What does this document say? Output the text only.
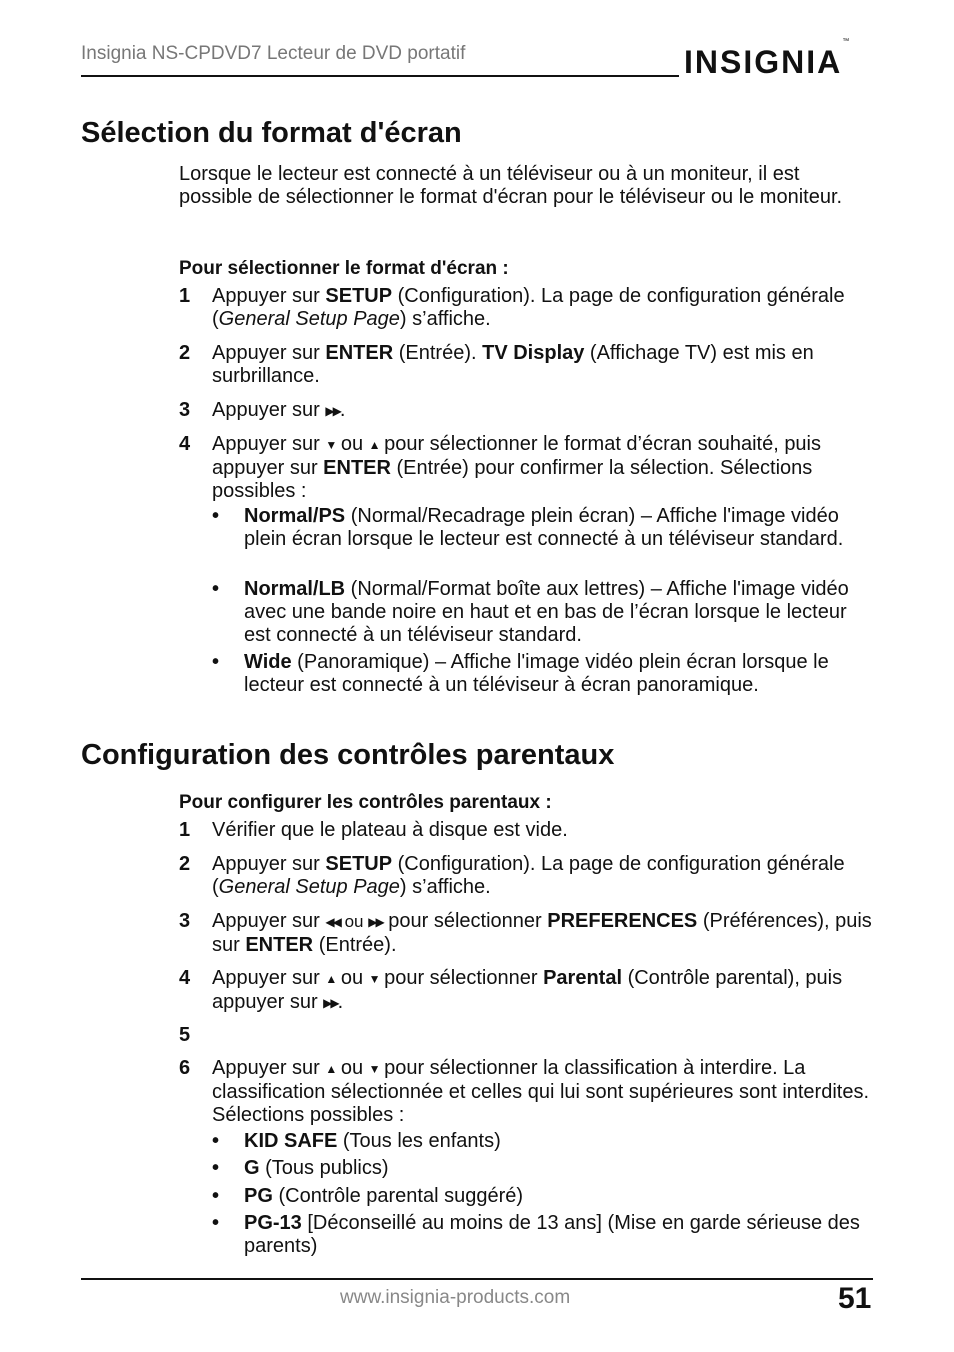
Insignia NS-CPDVD7 Lecteur de DVD portatif	INSIGNIA™
Sélection du format d'écran
Lorsque le lecteur est connecté à un téléviseur ou à un moniteur, il est possible de sélectionner le format d'écran pour le téléviseur ou le moniteur.
Pour sélectionner le format d'écran :
1 Appuyer sur SETUP (Configuration). La page de configuration générale (General Setup Page) s’affiche.
2 Appuyer sur ENTER (Entrée). TV Display (Affichage TV) est mis en surbrillance.
3 Appuyer sur ▶▶.
4 Appuyer sur ▼ ou ▲ pour sélectionner le format d’écran souhaité, puis appuyer sur ENTER (Entrée) pour confirmer la sélection. Sélections possibles :
• Normal/PS (Normal/Recadrage plein écran) – Affiche l'image vidéo plein écran lorsque le lecteur est connecté à un téléviseur standard.
• Normal/LB (Normal/Format boîte aux lettres) – Affiche l'image vidéo avec une bande noire en haut et en bas de l’écran lorsque le lecteur est connecté à un téléviseur standard.
• Wide (Panoramique) – Affiche l'image vidéo plein écran lorsque le lecteur est connecté à un téléviseur à écran panoramique.
Configuration des contrôles parentaux
Pour configurer les contrôles parentaux :
1 Vérifier que le plateau à disque est vide.
2 Appuyer sur SETUP (Configuration). La page de configuration générale (General Setup Page) s’affiche.
3 Appuyer sur ◀◀ ou ▶▶ pour sélectionner PREFERENCES (Préférences), puis sur ENTER (Entrée).
4 Appuyer sur ▲ ou ▼ pour sélectionner Parental (Contrôle parental), puis appuyer sur ▶▶.
5
6 Appuyer sur ▲ ou ▼ pour sélectionner la classification à interdire. La classification sélectionnée et celles qui lui sont supérieures sont interdites. Sélections possibles :
• KID SAFE (Tous les enfants)
• G (Tous publics)
• PG (Contrôle parental suggéré)
• PG-13 [Déconseillé au moins de 13 ans] (Mise en garde sérieuse des parents)
www.insignia-products.com	51
